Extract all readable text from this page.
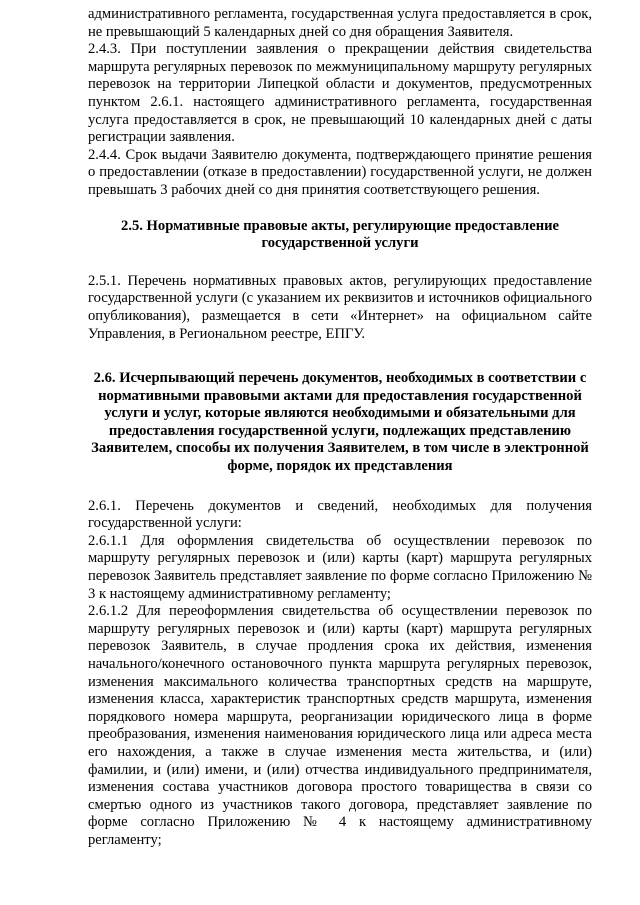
административного регламента, государственная услуга предоставляется в срок, не превышающий 5 календарных дней со дня обращения Заявителя.

2.4.3. При поступлении заявления о прекращении действия свидетельства маршрута регулярных перевозок по межмуниципальному маршруту регулярных перевозок на территории Липецкой области и документов, предусмотренных пунктом 2.6.1. настоящего административного регламента, государственная услуга предоставляется в срок, не превышающий 10 календарных дней с даты регистрации заявления.

2.4.4. Срок выдачи Заявителю документа, подтверждающего принятие решения о предоставлении (отказе в предоставлении) государственной услуги, не должен превышать 3 рабочих дней со дня принятия соответствующего решения.

2.5. Нормативные правовые акты, регулирующие предоставление государственной услуги

2.5.1. Перечень нормативных правовых актов, регулирующих предоставление государственной услуги (с указанием их реквизитов и источников официального опубликования), размещается в сети «Интернет» на официальном сайте Управления, в Региональном реестре, ЕПГУ.

2.6. Исчерпывающий перечень документов, необходимых в соответствии с нормативными правовыми актами для предоставления государственной услуги и услуг, которые являются необходимыми и обязательными для предоставления государственной услуги, подлежащих представлению Заявителем, способы их получения Заявителем, в том числе в электронной форме, порядок их представления

2.6.1. Перечень документов и сведений, необходимых для получения государственной услуги:

2.6.1.1 Для оформления свидетельства об осуществлении перевозок по маршруту регулярных перевозок и (или) карты (карт) маршрута регулярных перевозок Заявитель представляет заявление по форме согласно Приложению № 3 к настоящему административному регламенту;

2.6.1.2 Для переоформления свидетельства об осуществлении перевозок по маршруту регулярных перевозок и (или) карты (карт) маршрута регулярных перевозок Заявитель, в случае продления срока их действия, изменения начального/конечного остановочного пункта маршрута регулярных перевозок, изменения максимального количества транспортных средств на маршруте, изменения класса, характеристик транспортных средств маршрута, изменения порядкового номера маршрута, реорганизации юридического лица в форме преобразования, изменения наименования юридического лица или адреса места его нахождения, а также в случае изменения места жительства, и (или) фамилии, и (или) имени, и (или) отчества индивидуального предпринимателя, изменения состава участников договора простого товарищества в связи со смертью одного из участников такого договора, представляет заявление по форме согласно Приложению № 4 к настоящему административному регламенту;
